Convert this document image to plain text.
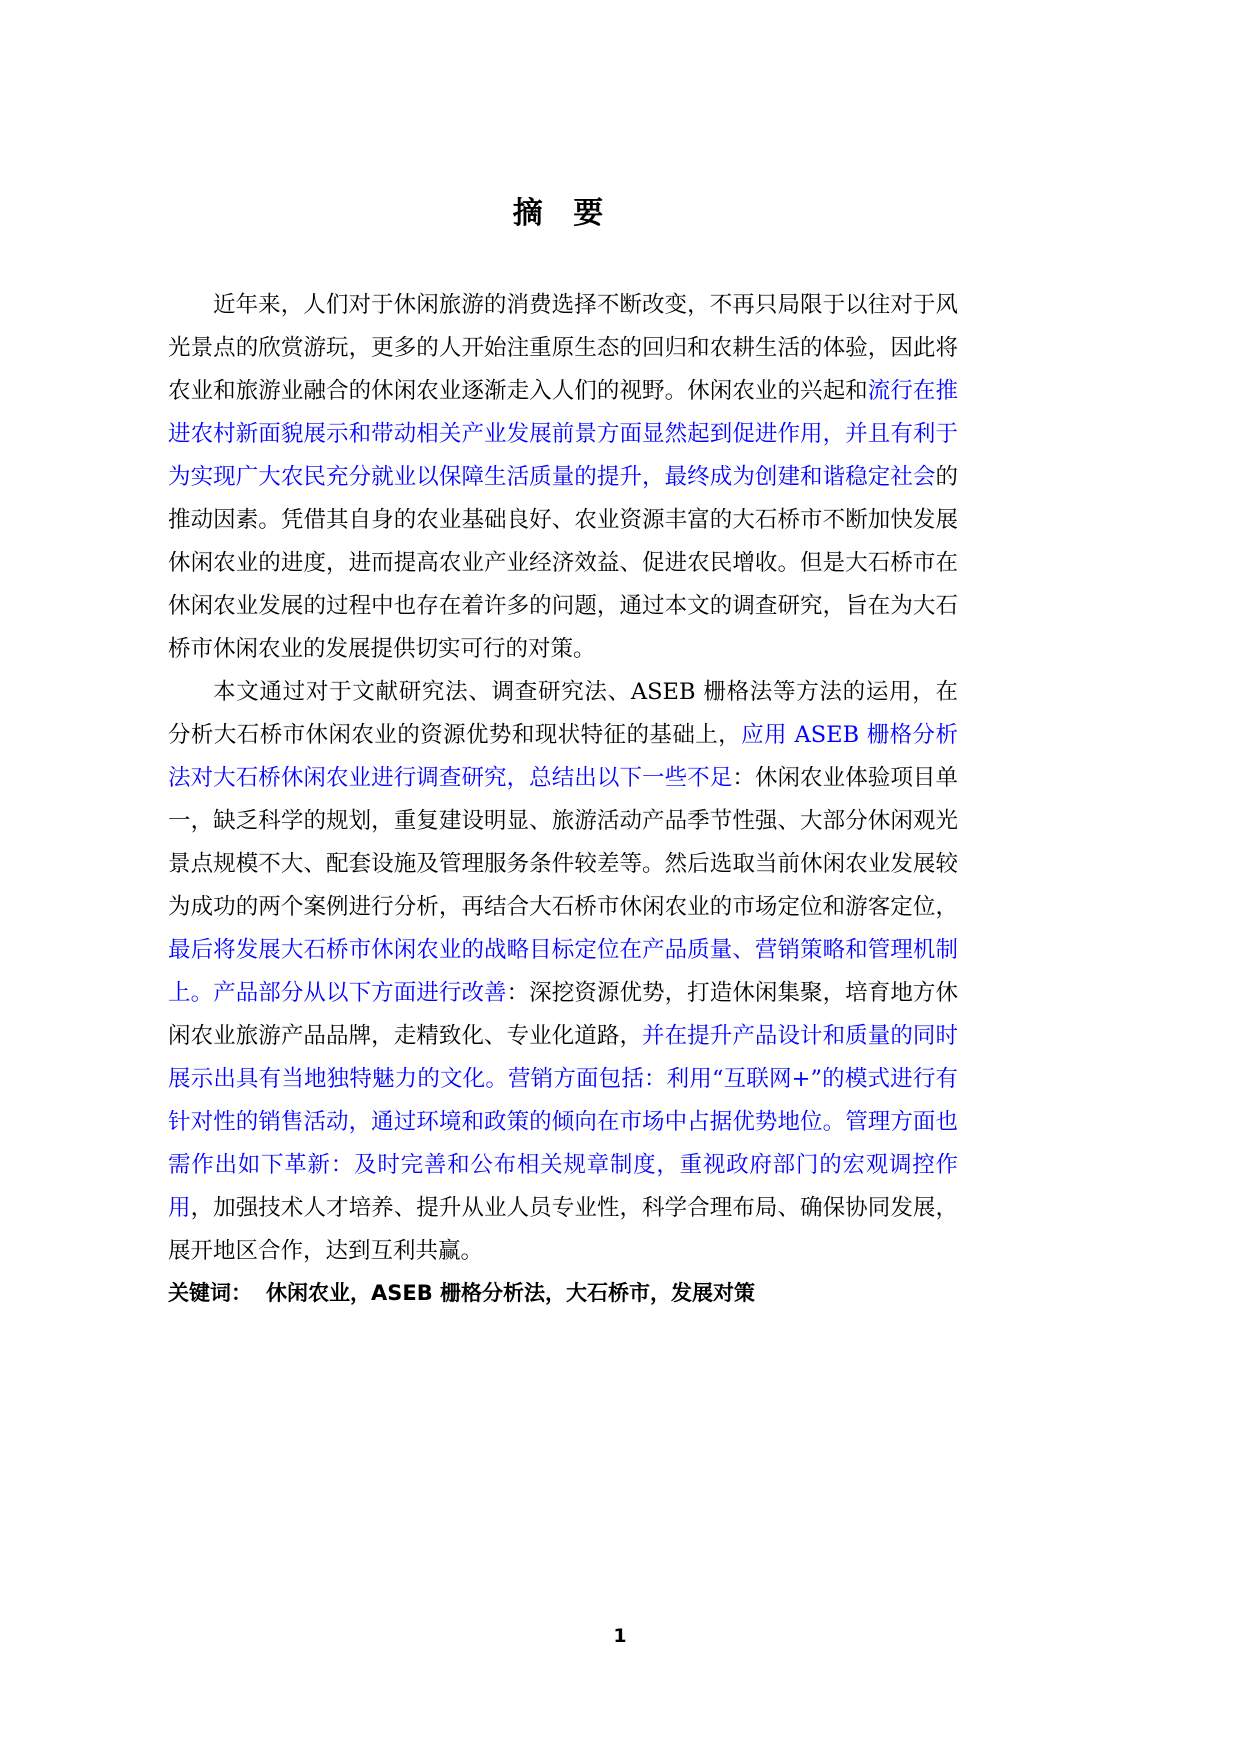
摘 要

近年来，人们对于休闲旅游的消费选择不断改变，不再只局限于以往对于风光景点的欣赏游玩，更多的人开始注重原生态的回归和农耕生活的体验，因此将农业和旅游业融合的休闲农业逐渐走入人们的视野。休闲农业的兴起和流行在推进农村新面貌展示和带动相关产业发展前景方面显然起到促进作用，并且有利于为实现广大农民充分就业以保障生活质量的提升，最终成为创建和谐稳定社会的推动因素。凭借其自身的农业基础良好、农业资源丰富的大石桥市不断加快发展休闲农业的进度，进而提高农业产业经济效益、促进农民增收。但是大石桥市在休闲农业发展的过程中也存在着许多的问题，通过本文的调查研究，旨在为大石桥市休闲农业的发展提供切实可行的对策。

本文通过对于文献研究法、调查研究法、ASEB 栅格法等方法的运用，在分析大石桥市休闲农业的资源优势和现状特征的基础上，应用 ASEB 栅格分析法对大石桥休闲农业进行调查研究，总结出以下一些不足：休闲农业体验项目单一，缺乏科学的规划，重复建设明显、旅游活动产品季节性强、大部分休闲观光景点规模不大、配套设施及管理服务条件较差等。然后选取当前休闲农业发展较为成功的两个案例进行分析，再结合大石桥市休闲农业的市场定位和游客定位，最后将发展大石桥市休闲农业的战略目标定位在产品质量、营销策略和管理机制上。产品部分从以下方面进行改善：深挖资源优势，打造休闲集聚，培育地方休闲农业旅游产品品牌，走精致化、专业化道路，并在提升产品设计和质量的同时展示出具有当地独特魅力的文化。营销方面包括：利用“互联网+”的模式进行有针对性的销售活动，通过环境和政策的倾向在市场中占据优势地位。管理方面也需作出如下革新：及时完善和公布相关规章制度，重视政府部门的宏观调控作用，加强技术人才培养、提升从业人员专业性，科学合理布局、确保协同发展，展开地区合作，达到互利共赢。

关键词： 休闲农业，ASEB 栅格分析法，大石桥市，发展对策

1
